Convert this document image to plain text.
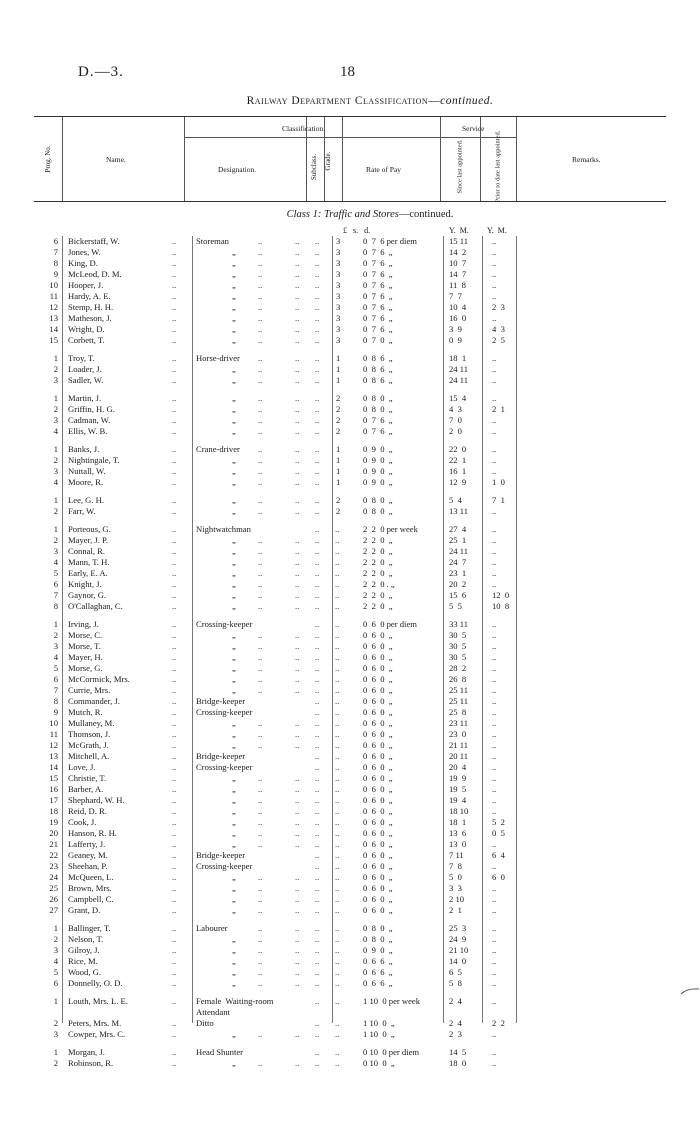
D.—3.	18
Railway Department Classification—continued.
Prog. No.	Name.
Classification.
Designation.	Subclass. Grade.	Rate of Pay
Service
Since last appointed.	Prior to date last appointed.	Remarks.
Class 1: Traffic and Stores—continued.
£   s.   d.	Y.  M. Y.  M.
6 Bickerstaff, W.	.. Storeman	..	.. .. 3	0  7  6 per diem	15 11	..
7 Jones, W.	..	„	..	.. .. 3	0  7  6  „	14  2	..
8 King, D.	..	„	..	.. .. 3	0  7  6  „	10  7	..
9 McLeod, D. M.	..	„	..	.. .. 3	0  7  6  „	14  7	..
10 Hooper, J.	..	„	..	.. .. 3	0  7  6  „	11  8	..
11 Hardy, A. E.	..	„	..	.. .. 3	0  7  6  „	7  7	..
12 Stemp, H. H.	..	„	..	.. .. 3	0  7  6  „	10  4	2  3
13 Matheson, J.	..	„	..	.. .. 3	0  7  6  „	16  0	..
14 Wright, D.	..	„	..	.. .. 3	0  7  6  „	3  9	4  3
15 Corbett, T.	..	„	..	.. .. 3	0  7  0  „	0  9	2  5
1 Troy, T.	.. Horse-driver ..	.. .. 1	0  8  6  „	18  1	..
2 Loader, J.	..	„	..	.. .. 1	0  8  6  „	24 11	..
3 Sadler, W.	..	„	..	.. .. 1	0  8  6  „	24 11	..
1 Martin, J.	..	„	..	.. .. 2	0  8  0  „	15  4	..
2 Griffin, H. G.	..	„	..	.. .. 2	0  8  0  „	4  3	2  1
3 Cadman, W.	..	„	..	.. .. 2	0  7  6  „	7  0	..
4 Ellis, W. B.	..	„	..	.. .. 2	0  7  6  „	2  0	..
1 Banks, J.	.. Crane-driver ..	.. .. 1	0  9  0  „	22  0	..
2 Nightingale, T.	..	„	..	.. .. 1	0  9  0  „	22  1	..
3 Nuttall, W.	..	„	..	.. .. 1	0  9  0  „	16  1	..
4 Moore, R.	..	„	..	.. .. 1	0  9  0  „	12  9	1  0
1 Lee, G. H.	..	„	..	.. .. 2	0  8  0  „	5  4	7  1
2 Farr, W.	..	„	..	.. .. 2	0  8  0  „	13 11	..
1 Porteous, G.	.. Nightwatchman	.. ..	2  2  0 per week	27  4	..
2 Mayer, J. P.	..	„	..	.. .. ..	2  2  0  „	25  1	..
3 Connal, R.	..	„	..	.. .. ..	2  2  0  „	24 11	..
4 Mann, T. H.	..	„	..	.. .. ..	2  2  0  „	24  7	..
5 Early, E. A.	..	„	..	.. .. ..	2  2  0  „	23  1	..
6 Knight, J.	..	„	..	.. .. ..	2  2  0 . „	20  2	..
7 Gaynor, G.	..	„	..	.. .. ..	2  2  0  „	15  6	12  0
8 O'Callaghan, C.	..	„	..	.. .. ..	2  2  0  „	5  5	10  8
1 Irving, J.	.. Crossing-keeper	.. ..	0  6  0 per diem	33 11	..
2 Morse, C.	..	„	..	.. .. ..	0  6  0  „	30  5	..
3 Morse, T.	..	„	..	.. .. ..	0  6  0  „	30  5	..
4 Mayer, H.	..	„	..	.. .. ..	0  6  0  „	30  5	..
5 Morse, G.	..	„	..	.. .. ..	0  6  0  „	28  2	..
6 McCormick, Mrs.	..	„	..	.. .. ..	0  6  0  „	26  8	..
7 Currie, Mrs.	..	„	..	.. .. ..	0  6  0  „	25 11	..
8 Commander, J.	.. Bridge-keeper	.. ..	0  6  0  „	25 11	..
9 Mutch, R.	.. Crossing-keeper	.. ..	0  6  0  „	25  8	..
10 Mullaney, M.	..	„	..	.. .. ..	0  6  0  „	23 11	..
11 Thomson, J.	..	„	..	.. .. ..	0  6  0  „	23  0	..
12 McGrath, J.	..	„	..	.. .. ..	0  6  0  „	21 11	..
13 Mitchell, A.	.. Bridge-keeper	.. ..	0  6  0  „	20 11	..
14 Love, J.	.. Crossing-keeper	.. ..	0  6  0  „	20  4	..
15 Christie, T.	..	„	..	.. .. ..	0  6  0  „	19  9	..
16 Barber, A.	..	„	..	.. .. ..	0  6  0  „	19  5	..
17 Shephard, W. H.	..	„	..	.. .. ..	0  6  0  „	19  4	..
18 Reid, D. R.	..	„	..	.. .. ..	0  6  0  „	18 10	..
19 Cook, J.	..	„	..	.. .. ..	0  6  0  „	18  1	5  2
20 Hanson, R. H.	..	„	..	.. .. ..	0  6  0  „	13  6	0  5
21 Lafferty, J.	..	„	..	.. .. ..	0  6  0  „	13  0	..
22 Geaney, M.	.. Bridge-keeper	.. ..	0  6  0  „	7 11	6  4
23 Sheehan, P.	.. Crossing-keeper	.. ..	0  6  0  „	7  8	..
24 McQueen, L.	..	„	..	.. .. ..	0  6  0  „	5  0	6  0
25 Brown, Mrs.	..	„	..	.. .. ..	0  6  0  „	3  3	..
26 Campbell, C.	..	„	..	.. .. ..	0  6  0  „	2 10	..
27 Grant, D.	..	„	..	.. .. ..	0  6  0  „	2  1	..
1 Ballinger, T.	.. Labourer	..	.. .. ..	0  8  0  „	25  3	..
2 Nelson, T.	..	„	..	.. .. ..	0  8  0  „	24  9	..
3 Gilroy, J.	..	„	..	.. .. ..	0  9  0  „	21 10	..
4 Rice, M.	..	„	..	.. .. ..	0  6  6  „	14  0	..
5 Wood, G.	..	„	..	.. .. ..	0  6  6  „	6  5	..
6 Donnelly, O. D.	..	„	..	.. .. ..	0  6  6  „	5  8	..
1 Louth, Mrs. L. E.	.. Female  Waiting-room	.. ..	1 10  0 per week	2  4	..
Attendant
2 Peters, Mrs. M.	.. Ditto	.. ..	1 10  0  „	2  4	2  2
3 Cowper, Mrs. C.	..	„	..	.. .. ..	1 10  0  „	2  3	..
1 Morgan, J.	.. Head Shunter	.. ..	0 10  0 per diem	14  5	..
2 Robinson, R.	..	„	..	.. .. ..	0 10  0  „	18  0	..
